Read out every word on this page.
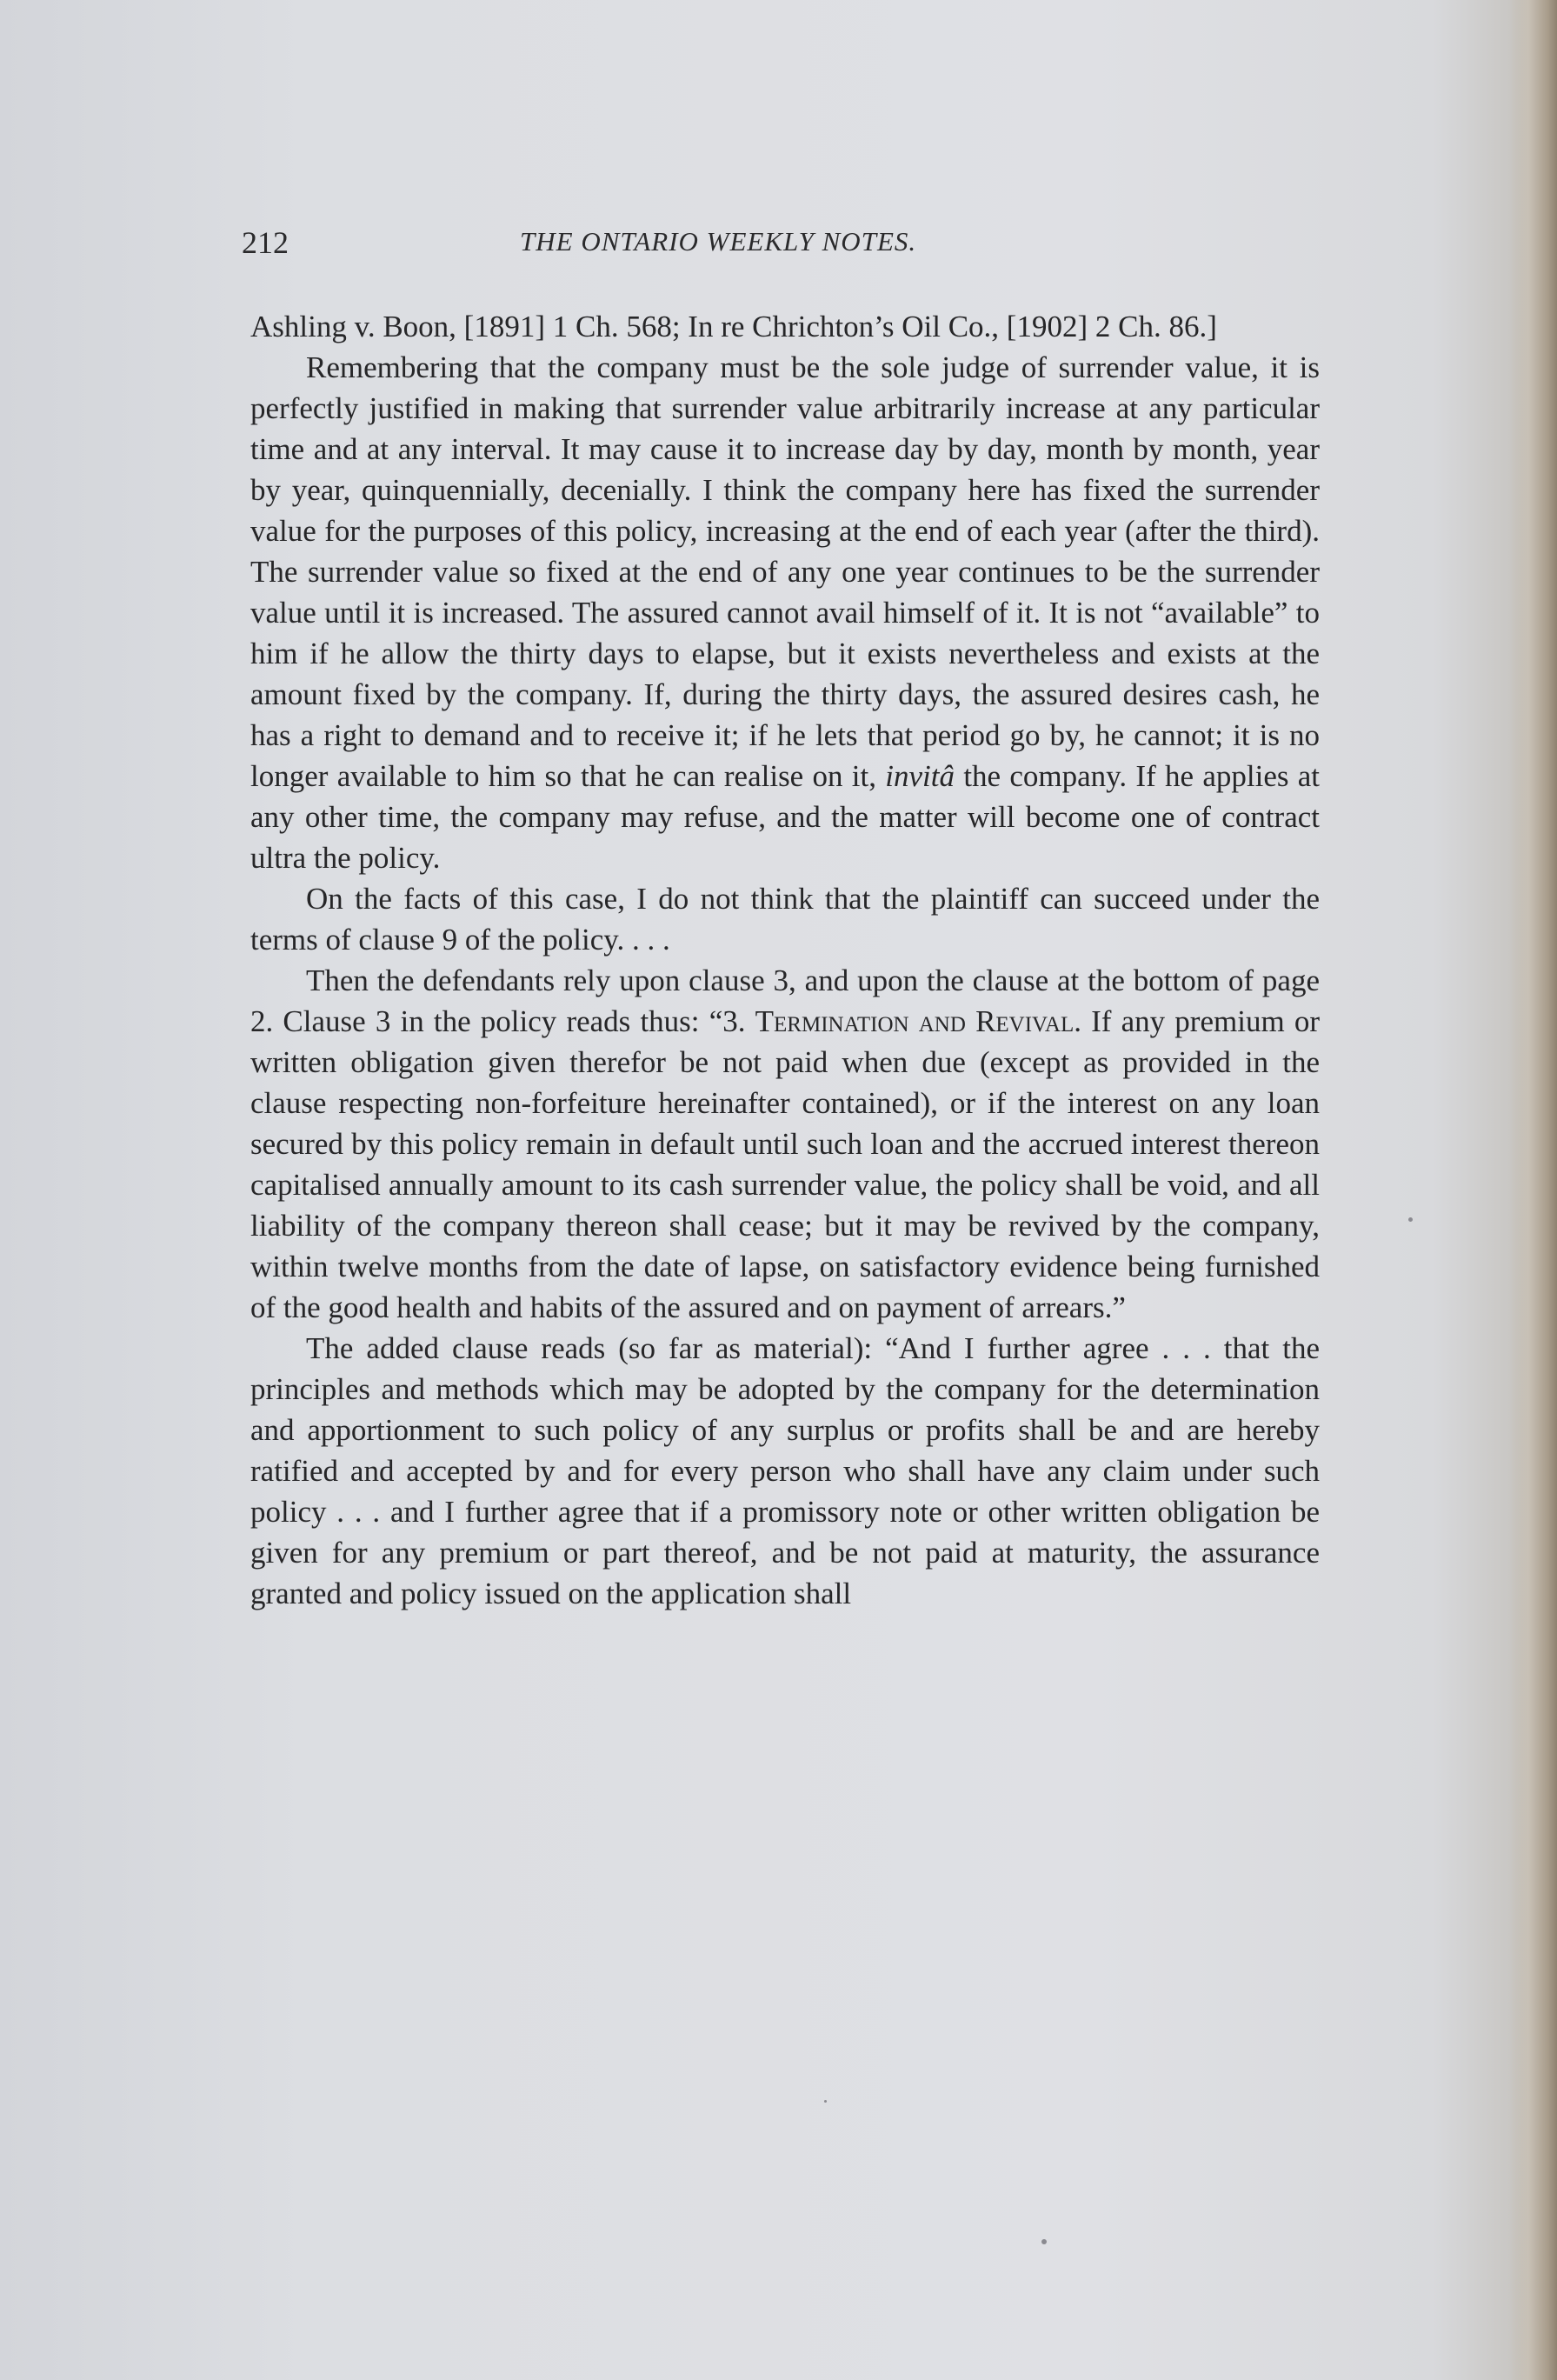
212	THE ONTARIO WEEKLY NOTES.

Ashling v. Boon, [1891] 1 Ch. 568; In re Chrichton’s Oil Co., [1902] 2 Ch. 86.]

Remembering that the company must be the sole judge of surrender value, it is perfectly justified in making that surrender value arbitrarily increase at any particular time and at any interval. It may cause it to increase day by day, month by month, year by year, quinquennially, decenially. I think the company here has fixed the surrender value for the purposes of this policy, increasing at the end of each year (after the third). The surrender value so fixed at the end of any one year continues to be the surrender value until it is increased. The assured cannot avail himself of it. It is not “available” to him if he allow the thirty days to elapse, but it exists nevertheless and exists at the amount fixed by the company. If, during the thirty days, the assured desires cash, he has a right to demand and to receive it; if he lets that period go by, he cannot; it is no longer available to him so that he can realise on it, invitâ the company. If he applies at any other time, the company may refuse, and the matter will become one of contract ultra the policy.

On the facts of this case, I do not think that the plaintiff can succeed under the terms of clause 9 of the policy. . . .

Then the defendants rely upon clause 3, and upon the clause at the bottom of page 2. Clause 3 in the policy reads thus: “3. Termination and Revival. If any premium or written obligation given therefor be not paid when due (except as provided in the clause respecting non-forfeiture hereinafter contained), or if the interest on any loan secured by this policy remain in default until such loan and the accrued interest thereon capitalised annually amount to its cash surrender value, the policy shall be void, and all liability of the company thereon shall cease; but it may be revived by the company, within twelve months from the date of lapse, on satisfactory evidence being furnished of the good health and habits of the assured and on payment of arrears.”

The added clause reads (so far as material): “And I further agree . . . that the principles and methods which may be adopted by the company for the determination and apportionment to such policy of any surplus or profits shall be and are hereby ratified and accepted by and for every person who shall have any claim under such policy . . . and I further agree that if a promissory note or other written obligation be given for any premium or part thereof, and be not paid at maturity, the assurance granted and policy issued on the application shall
